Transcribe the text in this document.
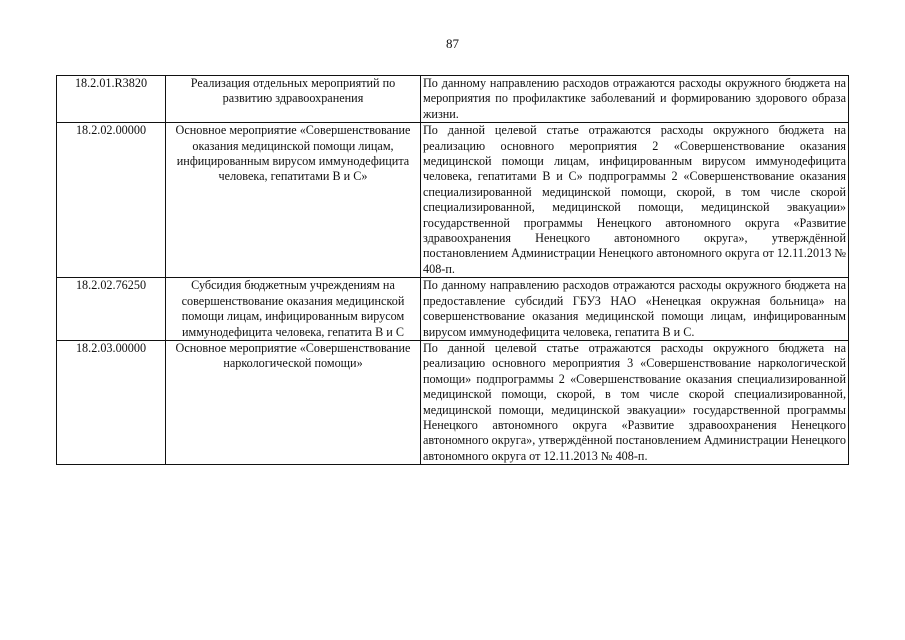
87
18.2.01.R3820	Реализация отдельных мероприятий по развитию здравоохранения	По данному направлению расходов отражаются расходы окружного бюджета на мероприятия по профилактике заболеваний и формированию здорового образа жизни.
18.2.02.00000	Основное мероприятие «Совершенствование оказания медицинской помощи лицам, инфицированным вирусом иммунодефицита человека, гепатитами В и С»	По данной целевой статье отражаются расходы окружного бюджета на реализацию основного мероприятия 2 «Совершенствование оказания медицинской помощи лицам, инфицированным вирусом иммунодефицита человека, гепатитами В и С» подпрограммы 2 «Совершенствование оказания специализированной медицинской помощи, скорой, в том числе скорой специализированной, медицинской помощи, медицинской эвакуации» государственной программы Ненецкого автономного округа «Развитие здравоохранения Ненецкого автономного округа», утверждённой постановлением Администрации Ненецкого автономного округа от 12.11.2013 № 408-п.
18.2.02.76250	Субсидия бюджетным учреждениям на совершенствование оказания медицинской помощи лицам, инфицированным вирусом иммунодефицита человека, гепатита В и С	По данному направлению расходов отражаются расходы окружного бюджета на предоставление субсидий ГБУЗ НАО «Ненецкая окружная больница» на совершенствование оказания медицинской помощи лицам, инфицированным вирусом иммунодефицита человека, гепатита В и С.
18.2.03.00000	Основное мероприятие «Совершенствование наркологической помощи»	По данной целевой статье отражаются расходы окружного бюджета на реализацию основного мероприятия 3 «Совершенствование наркологической помощи» подпрограммы 2 «Совершенствование оказания специализированной медицинской помощи, скорой, в том числе скорой специализированной, медицинской помощи, медицинской эвакуации» государственной программы Ненецкого автономного округа «Развитие здравоохранения Ненецкого автономного округа», утверждённой постановлением Администрации Ненецкого автономного округа от 12.11.2013 № 408-п.
